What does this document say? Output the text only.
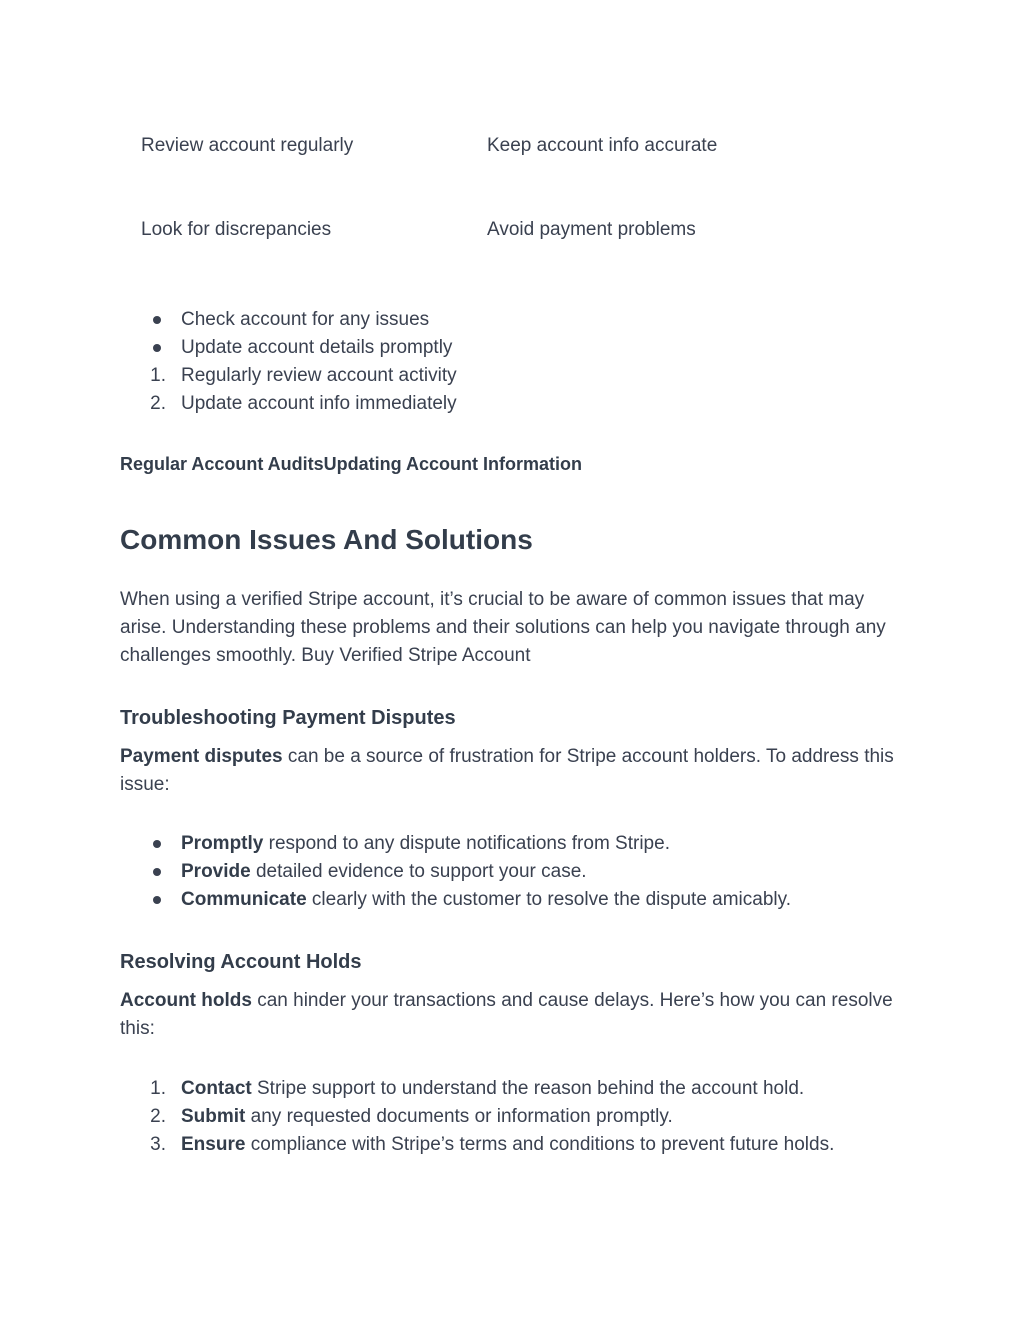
Review account regularly	Keep account info accurate
Look for discrepancies	Avoid payment problems
Check account for any issues
Update account details promptly
1. Regularly review account activity
2. Update account info immediately
Regular Account AuditsUpdating Account Information
Common Issues And Solutions
When using a verified Stripe account, it’s crucial to be aware of common issues that may arise. Understanding these problems and their solutions can help you navigate through any challenges smoothly. Buy Verified Stripe Account
Troubleshooting Payment Disputes
Payment disputes can be a source of frustration for Stripe account holders. To address this issue:
Promptly respond to any dispute notifications from Stripe.
Provide detailed evidence to support your case.
Communicate clearly with the customer to resolve the dispute amicably.
Resolving Account Holds
Account holds can hinder your transactions and cause delays. Here’s how you can resolve this:
1. Contact Stripe support to understand the reason behind the account hold.
2. Submit any requested documents or information promptly.
3. Ensure compliance with Stripe’s terms and conditions to prevent future holds.
